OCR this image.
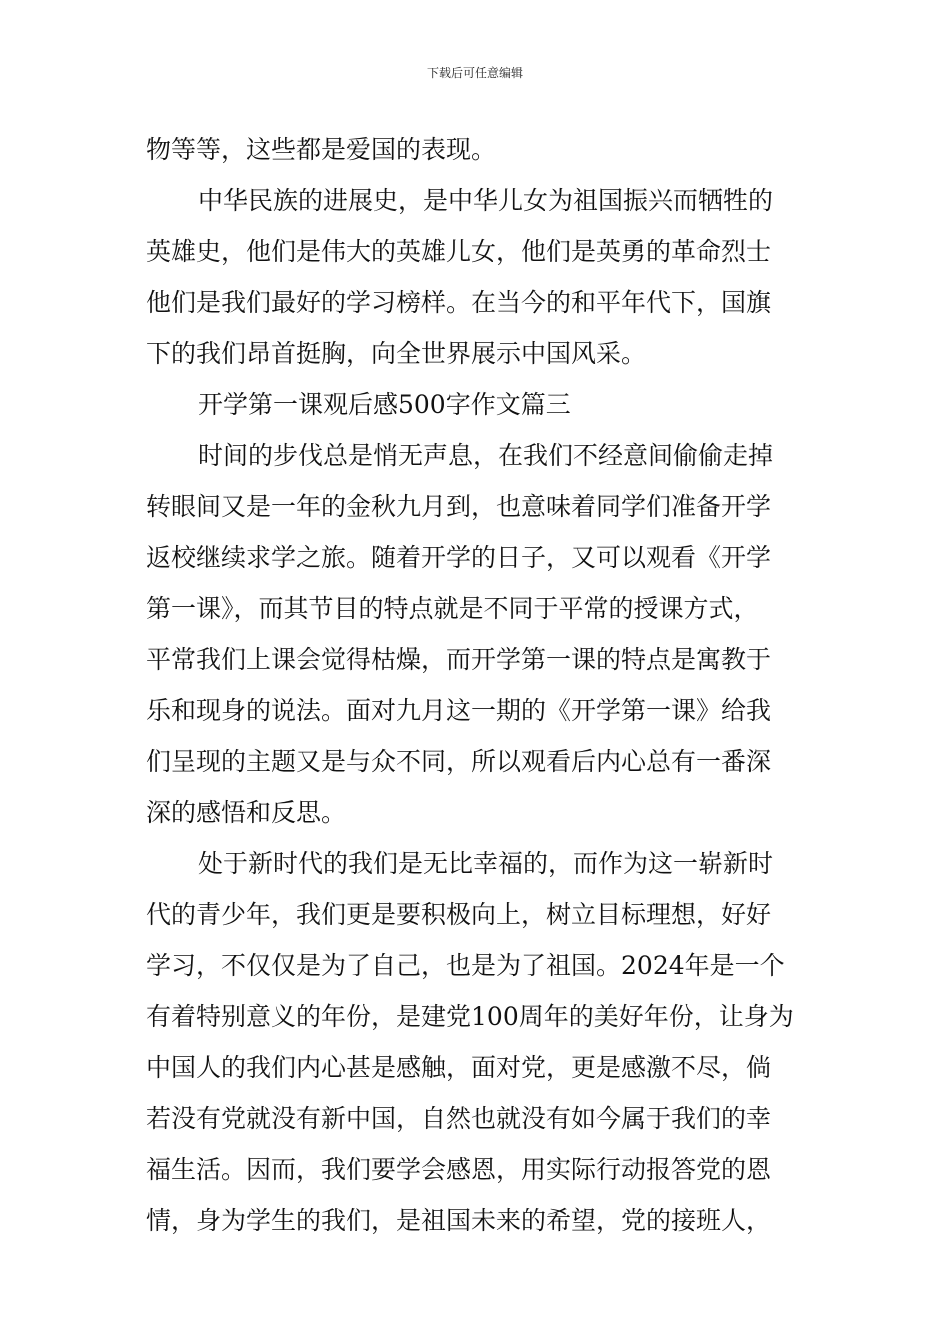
下载后可任意编辑
物等等，这些都是爱国的表现。
中华民族的进展史，是中华儿女为祖国振兴而牺牲的
英雄史，他们是伟大的英雄儿女，他们是英勇的革命烈士
他们是我们最好的学习榜样。在当今的和平年代下，国旗
下的我们昂首挺胸，向全世界展示中国风采。
开学第一课观后感500字作文篇三
时间的步伐总是悄无声息，在我们不经意间偷偷走掉
转眼间又是一年的金秋九月到，也意味着同学们准备开学
返校继续求学之旅。随着开学的日子，又可以观看《开学
第一课》，而其节目的特点就是不同于平常的授课方式，
平常我们上课会觉得枯燥，而开学第一课的特点是寓教于
乐和现身的说法。面对九月这一期的《开学第一课》给我
们呈现的主题又是与众不同，所以观看后内心总有一番深
深的感悟和反思。
处于新时代的我们是无比幸福的，而作为这一崭新时
代的青少年，我们更是要积极向上，树立目标理想，好好
学习，不仅仅是为了自己，也是为了祖国。2024年是一个
有着特别意义的年份，是建党100周年的美好年份，让身为
中国人的我们内心甚是感触，面对党，更是感激不尽，倘
若没有党就没有新中国，自然也就没有如今属于我们的幸
福生活。因而，我们要学会感恩，用实际行动报答党的恩
情，身为学生的我们，是祖国未来的希望，党的接班人，
